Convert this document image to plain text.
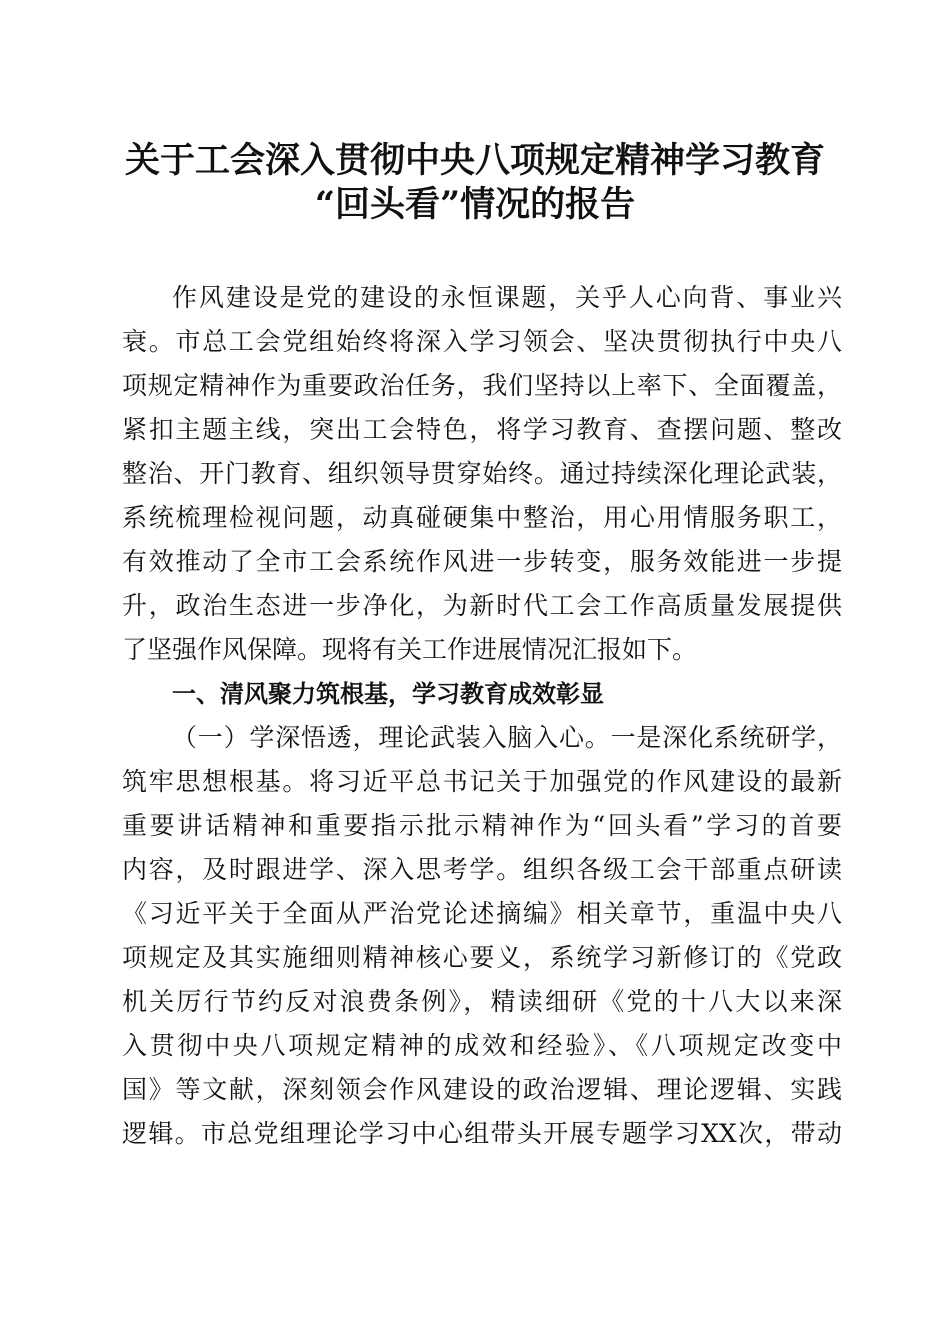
关于工会深入贯彻中央八项规定精神学习教育
“回头看”情况的报告
作风建设是党的建设的永恒课题，关乎人心向背、事业兴
衰。市总工会党组始终将深入学习领会、坚决贯彻执行中央八
项规定精神作为重要政治任务，我们坚持以上率下、全面覆盖，
紧扣主题主线，突出工会特色，将学习教育、查摆问题、整改
整治、开门教育、组织领导贯穿始终。通过持续深化理论武装，
系统梳理检视问题，动真碰硬集中整治，用心用情服务职工，
有效推动了全市工会系统作风进一步转变，服务效能进一步提
升，政治生态进一步净化，为新时代工会工作高质量发展提供
了坚强作风保障。现将有关工作进展情况汇报如下。
一、清风聚力筑根基，学习教育成效彰显
（一）学深悟透，理论武装入脑入心。一是深化系统研学，
筑牢思想根基。将习近平总书记关于加强党的作风建设的最新
重要讲话精神和重要指示批示精神作为“回头看”学习的首要
内容，及时跟进学、深入思考学。组织各级工会干部重点研读
《习近平关于全面从严治党论述摘编》相关章节，重温中央八
项规定及其实施细则精神核心要义，系统学习新修订的《党政
机关厉行节约反对浪费条例》，精读细研《党的十八大以来深
入贯彻中央八项规定精神的成效和经验》、《八项规定改变中
国》等文献，深刻领会作风建设的政治逻辑、理论逻辑、实践
逻辑。市总党组理论学习中心组带头开展专题学习XX次，带动
